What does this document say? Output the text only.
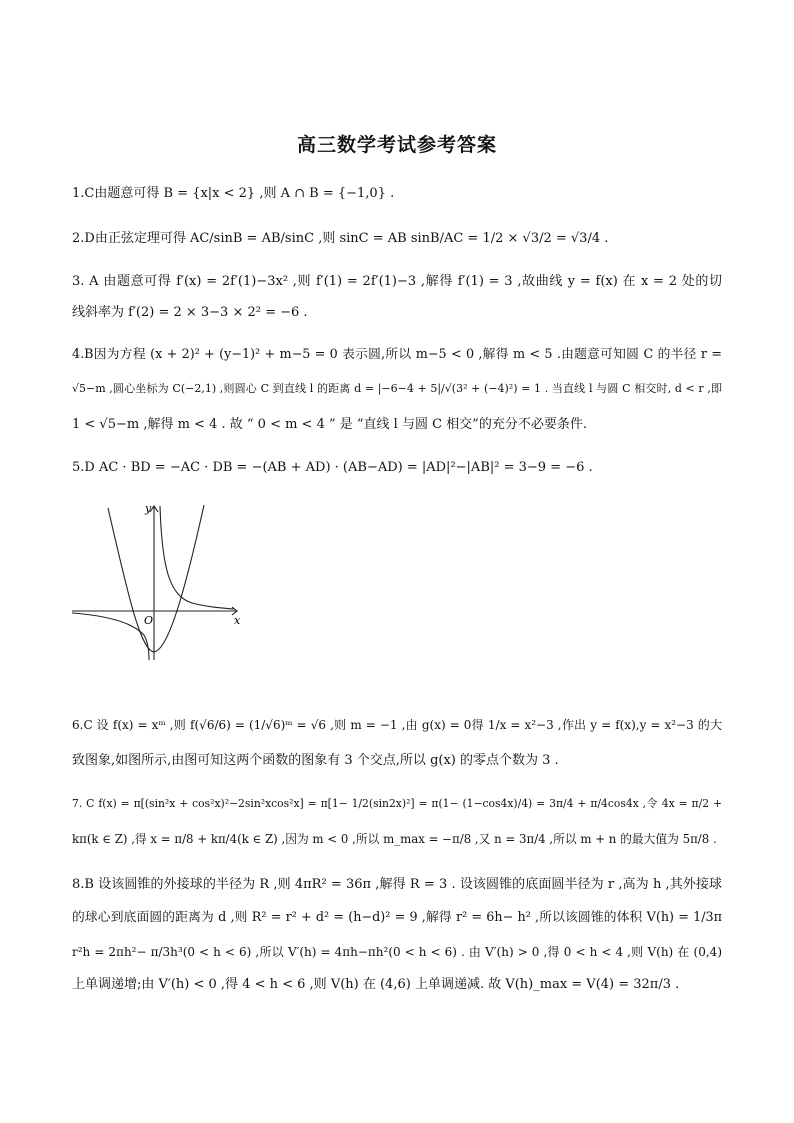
高三数学考试参考答案
1.C由题意可得 B = {x|x < 2} ,则 A ∩ B = {−1,0} .
2.D由正弦定理可得 AC/sinB = AB/sinC ,则 sinC = AB sinB/AC = 1/2 × √3/2 = √3/4 .
3. A 由题意可得 f′(x) = 2f′(1)−3x² ,则 f′(1) = 2f′(1)−3 ,解得 f′(1) = 3 ,故曲线 y = f(x) 在 x = 2 处的切
线斜率为 f′(2) = 2 × 3−3 × 2² = −6 .
4.B因为方程 (x + 2)² + (y−1)² + m−5 = 0 表示圆,所以 m−5 < 0 ,解得 m < 5 .由题意可知圆 C 的半径 r =
√5−m ,圆心坐标为 C(−2,1) ,则圆心 C 到直线 l 的距离 d = |−6−4 + 5|/√(3² + (−4)²) = 1 . 当直线 l 与圆 C 相交时, d < r ,即
1 < √5−m ,解得 m < 4 . 故 “ 0 < m < 4 ” 是 “直线 l 与圆 C 相交”的充分不必要条件.
5.D AC · BD = −AC · DB = −(AB + AD) · (AB−AD) = |AD|²−|AB|² = 3−9 = −6 .
y
x
O
6.C 设 f(x) = xᵐ ,则 f(√6/6) = (1/√6)ᵐ = √6 ,则 m = −1 ,由 g(x) = 0得 1/x = x²−3 ,作出 y = f(x),y = x²−3 的大
致图象,如图所示,由图可知这两个函数的图象有 3 个交点,所以 g(x) 的零点个数为 3 .
7. C f(x) = π[(sin²x + cos²x)²−2sin²xcos²x] = π[1− 1/2(sin2x)²] = π(1− (1−cos4x)/4) = 3π/4 + π/4cos4x ,令 4x = π/2 +
kπ(k ∈ Z) ,得 x = π/8 + kπ/4(k ∈ Z) ,因为 m < 0 ,所以 m_max = −π/8 ,又 n = 3π/4 ,所以 m + n 的最大值为 5π/8 .
8.B 设该圆锥的外接球的半径为 R ,则 4πR² = 36π ,解得 R = 3 . 设该圆锥的底面圆半径为 r ,高为 h ,其外接球
的球心到底面圆的距离为 d ,则 R² = r² + d² = (h−d)² = 9 ,解得 r² = 6h− h² ,所以该圆锥的体积 V(h) = 1/3π
r²h = 2πh²− π/3h³(0 < h < 6) ,所以 V′(h) = 4πh−πh²(0 < h < 6) . 由 V′(h) > 0 ,得 0 < h < 4 ,则 V(h) 在 (0,4)
上单调递增;由 V′(h) < 0 ,得 4 < h < 6 ,则 V(h) 在 (4,6) 上单调递减. 故 V(h)_max = V(4) = 32π/3 .
